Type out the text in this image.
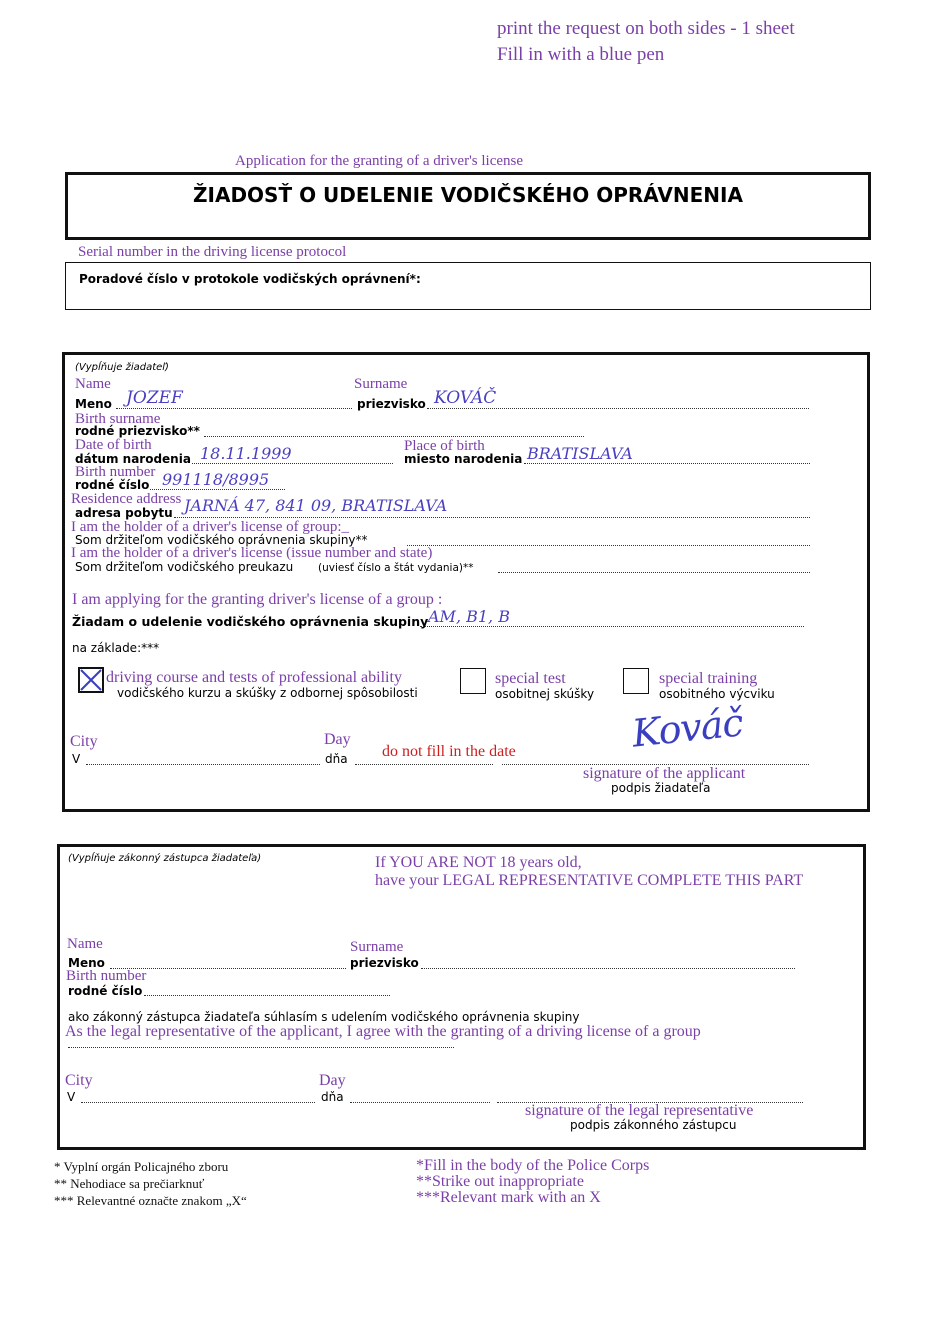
print the request on both sides - 1 sheet
Fill in with a blue pen
Application for the granting of a driver's license
ŽIADOSŤ O UDELENIE VODIČSKÉHO OPRÁVNENIA
Serial number in the driving license protocol
Poradové číslo v protokole vodičských oprávnení*:
(Vypĺňuje žiadateľ)
Name
Meno JOZEF
Surname
priezvisko KOVÁČ
Birth surname
rodné priezvisko**
Date of birth
dátum narodenia 18.11.1999	Place of birth
miesto narodenia BRATISLAVA
Birth number
rodné číslo 991118/8995
Residence address
adresa pobytu JARNÁ 47, 841 09, BRATISLAVA
I am the holder of a driver's license of group:_
Som držiteľom vodičského oprávnenia skupiny**
I am the holder of a driver's license (issue number and state)
Som držiteľom vodičského preukazu (uviesť číslo a štát vydania)**
I am applying for the granting driver's license of a group :
Žiadam o udelenie vodičského oprávnenia skupiny AM, B1, B
na základe:***
driving course and tests of professional ability
vodičského kurzu a skúšky z odbornej spôsobilosti
special test
osobitnej skúšky
special training
osobitného výcviku
City
V
Day
dňa do not fill in the date	Kováč
signature of the applicant
podpis žiadateľa
(Vypĺňuje zákonný zástupca žiadateľa)	If YOU ARE NOT 18 years old,
have your LEGAL REPRESENTATIVE COMPLETE THIS PART
Name
Meno
Surname
priezvisko
Birth number
rodné číslo
ako zákonný zástupca žiadateľa súhlasím s udelením vodičského oprávnenia skupiny
As the legal representative of the applicant, I agree with the granting of a driving license of a group
City
V
Day
dňa
signature of the legal representative
podpis zákonného zástupcu
* Vyplní orgán Policajného zboru
** Nehodiace sa prečiarknuť
*** Relevantné označte znakom „X“
*Fill in the body of the Police Corps
**Strike out inappropriate
***Relevant mark with an X
